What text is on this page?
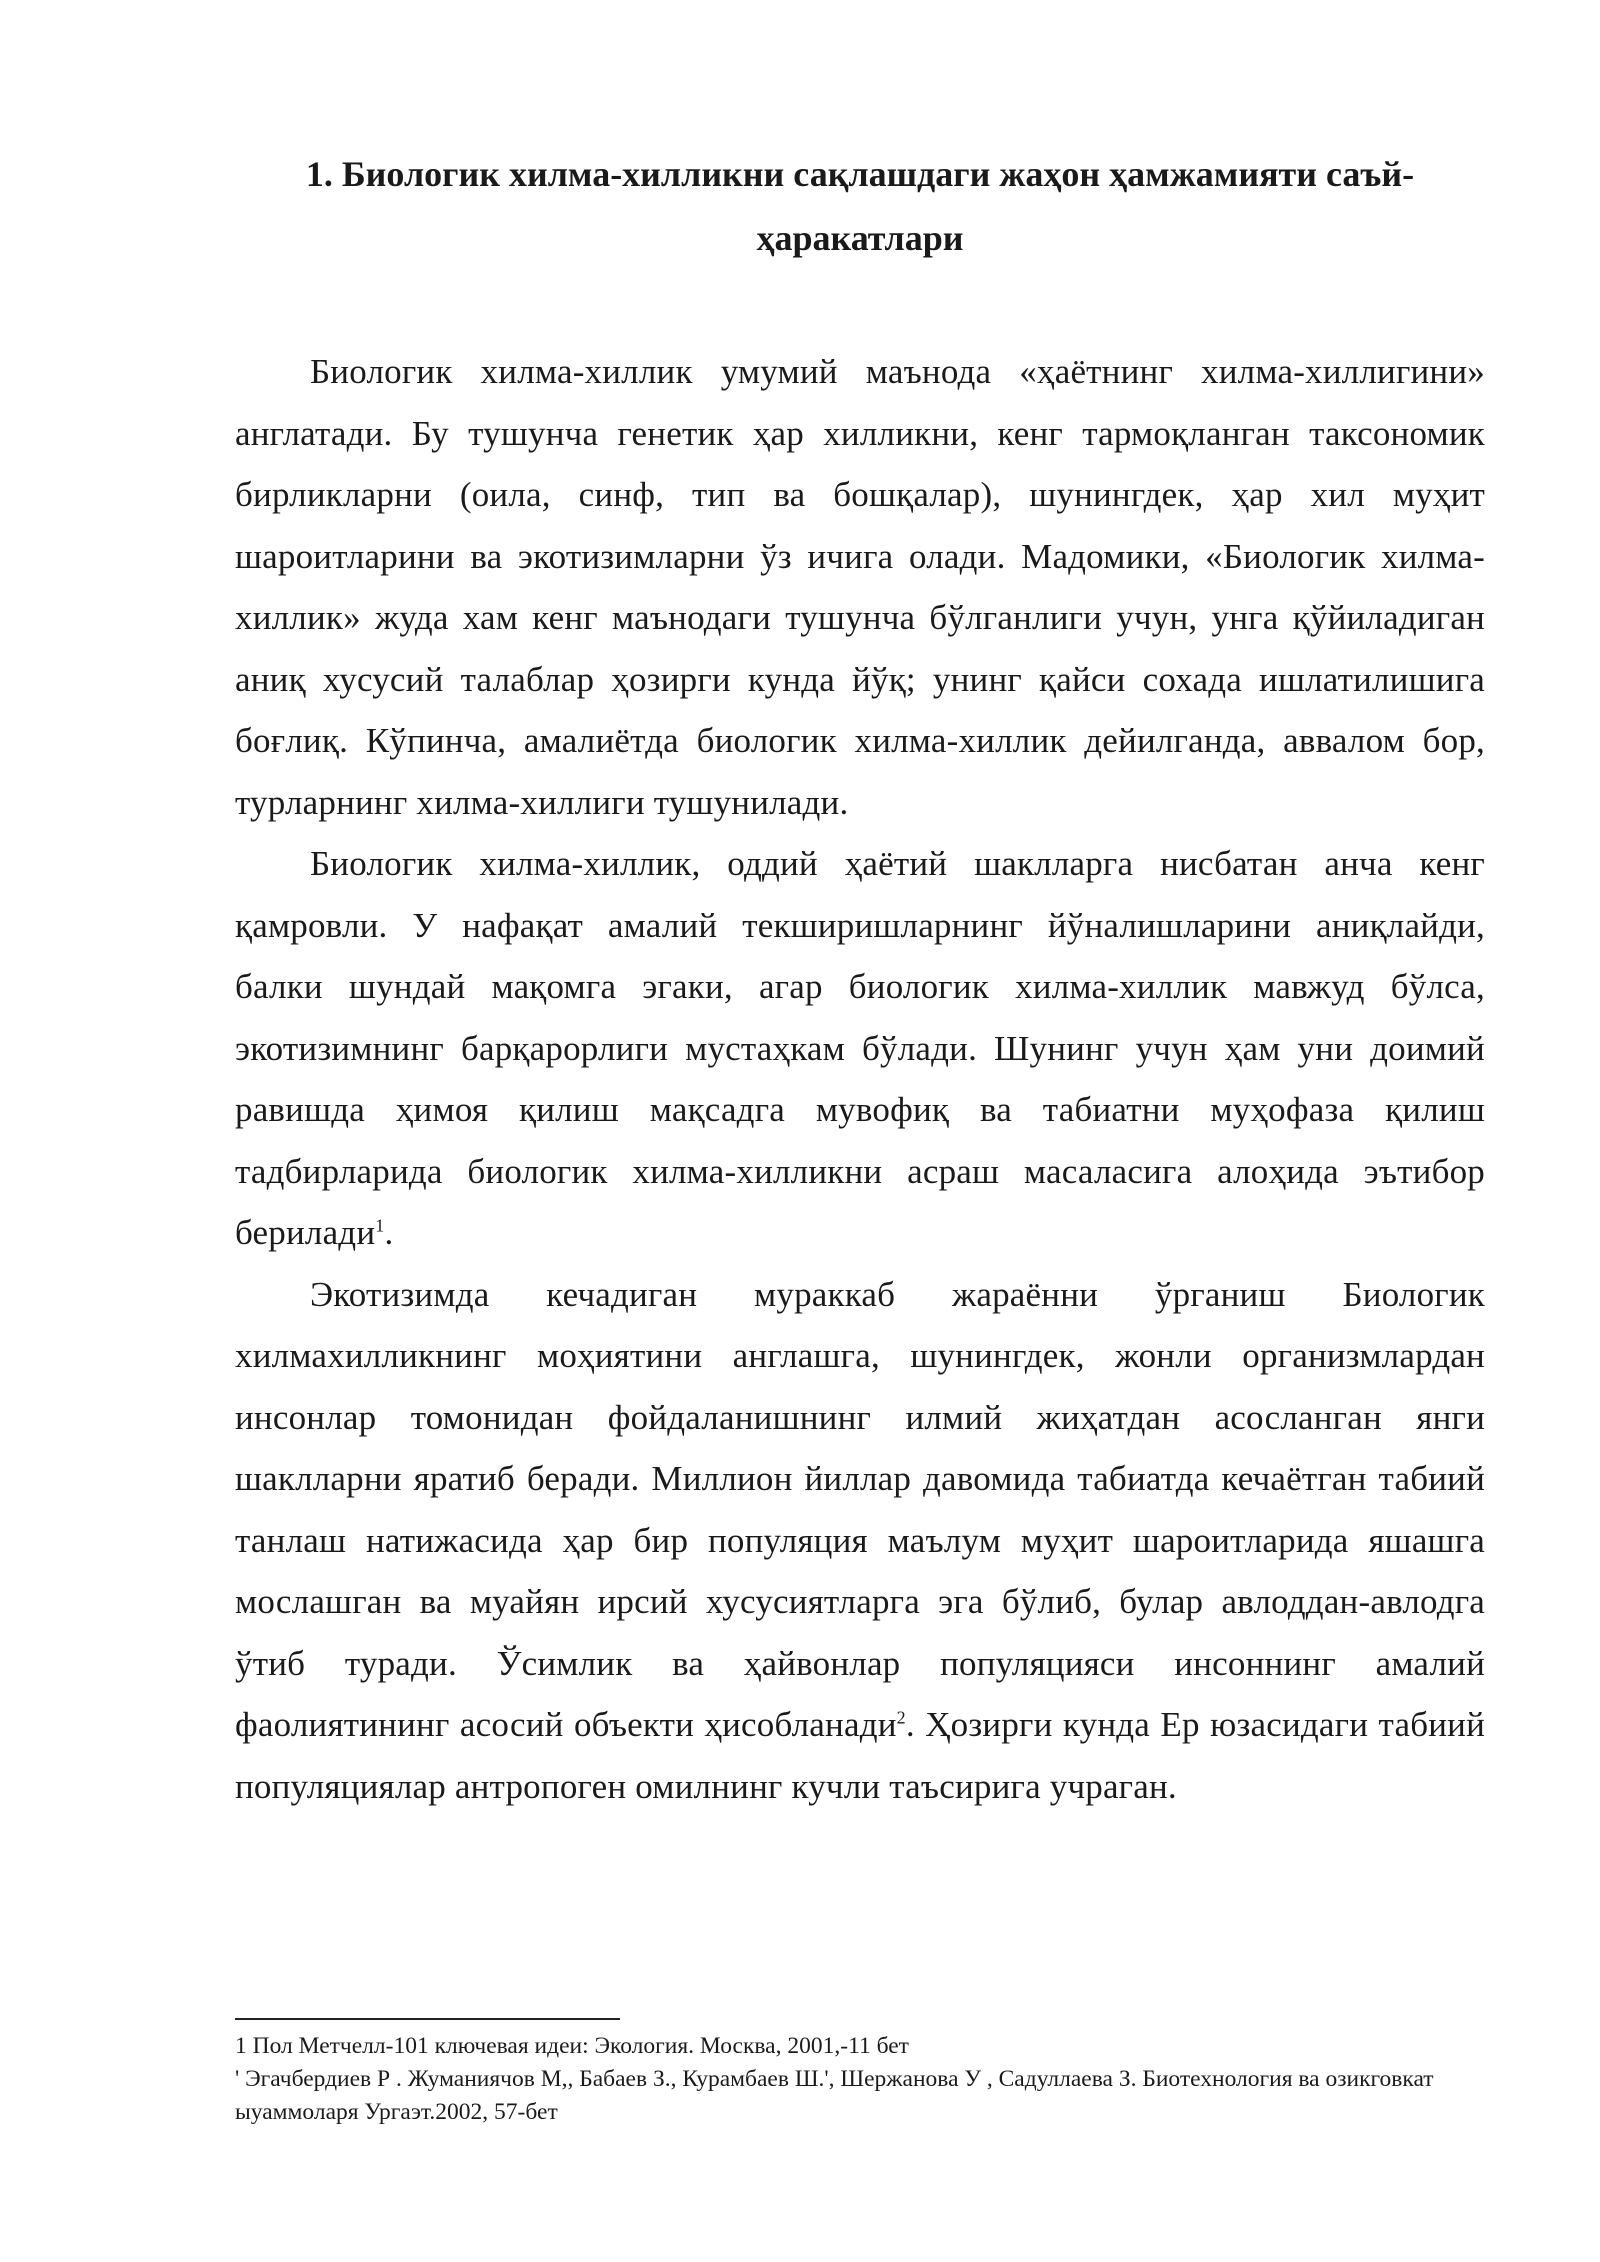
1. Биологик хилма-хилликни сақлашдаги жаҳон ҳамжамияти саъй-
ҳаракатлари

Биологик хилма-хиллик умумий маънода «ҳаётнинг хилма-хиллигини» англатади. Бу тушунча генетик ҳар хилликни, кенг тармоқланган таксономик бирликларни (оила, синф, тип ва бошқалар), шунингдек, ҳар хил муҳит шароитларини ва экотизимларни ўз ичига олади. Мадомики, «Биологик хилма-хиллик» жуда хам кенг маънодаги тушунча бўлганлиги учун, унга қўйиладиган аниқ хусусий талаблар ҳозирги кунда йўқ; унинг қайси сохада ишлатилишига боғлиқ. Кўпинча, амалиётда биологик хилма-хиллик дейилганда, аввалом бор, турларнинг хилма-хиллиги тушунилади.

Биологик хилма-хиллик, оддий ҳаётий шаклларга нисбатан анча кенг қамровли. У нафақат амалий текширишларнинг йўналишларини аниқлайди, балки шундай мақомга эгаки, агар биологик хилма-хиллик мавжуд бўлса, экотизимнинг барқарорлиги мустаҳкам бўлади. Шунинг учун ҳам уни доимий равишда ҳимоя қилиш мақсадга мувофиқ ва табиатни муҳофаза қилиш тадбирларида биологик хилма-хилликни асраш масаласига алоҳида эътибор берилади$^1$.

Экотизимда кечадиган мураккаб жараённи ўрганиш Биологик хилмахилликнинг моҳиятини англашга, шунингдек, жонли организмлардан инсонлар томонидан фойдаланишнинг илмий жиҳатдан асосланган янги шаклларни яратиб беради. Миллион йиллар давомида табиатда кечаётган табиий танлаш натижасида ҳар бир популяция маълум муҳит шароитларида яшашга мослашган ва муайян ирсий хусусиятларга эга бўлиб, булар авлоддан-авлодга ўтиб туради. Ўсимлик ва ҳайвонлар популяцияси инсоннинг амалий фаолиятининг асосий объекти ҳисобланади$^2$. Ҳозирги кунда Ер юзасидаги табиий популяциялар антропоген омилнинг кучли таъсирига учраган.

1 Пол Метчелл-101 ключевая идеи: Экология. Москва, 2001,-11 бет

' Эгачбердиев Р . Жуманиячов М,, Бабаев З., Курамбаев Ш.', Шержанова У , Садуллаева З. Биотехнология ва озикговкат ыуаммоларя Ургаэт.2002, 57-бет
